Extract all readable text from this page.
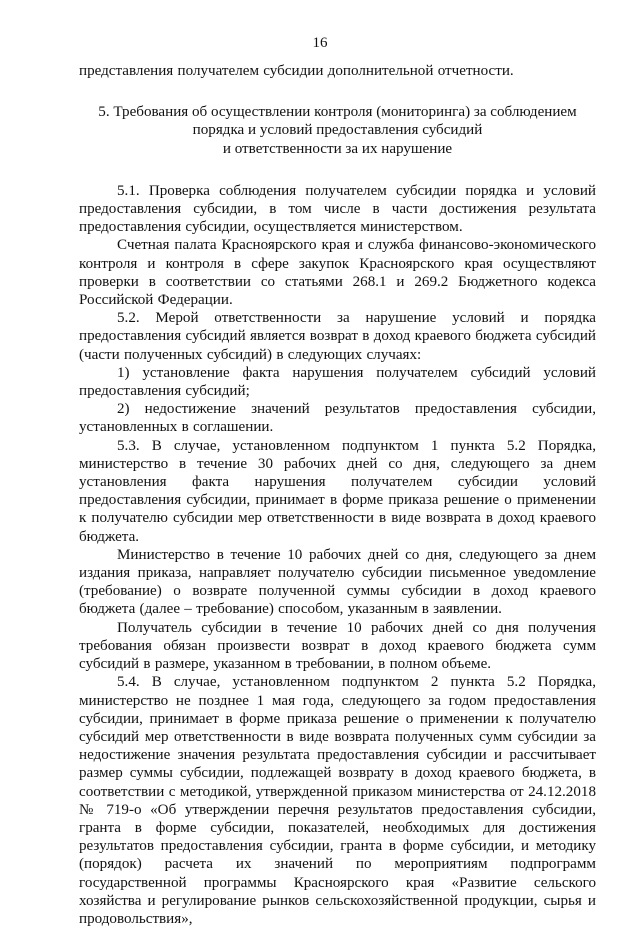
16

представления получателем субсидии дополнительной отчетности.

5. Требования об осуществлении контроля (мониторинга) за соблюдением
порядка и условий предоставления субсидий
и ответственности за их нарушение

5.1. Проверка соблюдения получателем субсидии порядка и условий предоставления субсидии, в том числе в части достижения результата предоставления субсидии, осуществляется министерством.

Счетная палата Красноярского края и служба финансово-экономического контроля и контроля в сфере закупок Красноярского края осуществляют проверки в соответствии со статьями 268.1 и 269.2 Бюджетного кодекса Российской Федерации.

5.2. Мерой ответственности за нарушение условий и порядка предоставления субсидий является возврат в доход краевого бюджета субсидий (части полученных субсидий) в следующих случаях:

1) установление факта нарушения получателем субсидий условий предоставления субсидий;

2) недостижение значений результатов предоставления субсидии, установленных в соглашении.

5.3. В случае, установленном подпунктом 1 пункта 5.2 Порядка, министерство в течение 30 рабочих дней со дня, следующего за днем установления факта нарушения получателем субсидии условий предоставления субсидии, принимает в форме приказа решение о применении к получателю субсидии мер ответственности в виде возврата в доход краевого бюджета.

Министерство в течение 10 рабочих дней со дня, следующего за днем издания приказа, направляет получателю субсидии письменное уведомление (требование) о возврате полученной суммы субсидии в доход краевого бюджета (далее – требование) способом, указанным в заявлении.

Получатель субсидии в течение 10 рабочих дней со дня получения требования обязан произвести возврат в доход краевого бюджета сумм субсидий в размере, указанном в требовании, в полном объеме.

5.4. В случае, установленном подпунктом 2 пункта 5.2 Порядка, министерство не позднее 1 мая года, следующего за годом предоставления субсидии, принимает в форме приказа решение о применении к получателю субсидий мер ответственности в виде возврата полученных сумм субсидии за недостижение значения результата предоставления субсидии и рассчитывает размер суммы субсидии, подлежащей возврату в доход краевого бюджета, в соответствии с методикой, утвержденной приказом министерства от 24.12.2018 № 719-о «Об утверждении перечня результатов предоставления субсидии, гранта в форме субсидии, показателей, необходимых для достижения результатов предоставления субсидии, гранта в форме субсидии, и методику (порядок) расчета их значений по мероприятиям подпрограмм государственной программы Красноярского края «Развитие сельского хозяйства и регулирование рынков сельскохозяйственной продукции, сырья и продовольствия»,
